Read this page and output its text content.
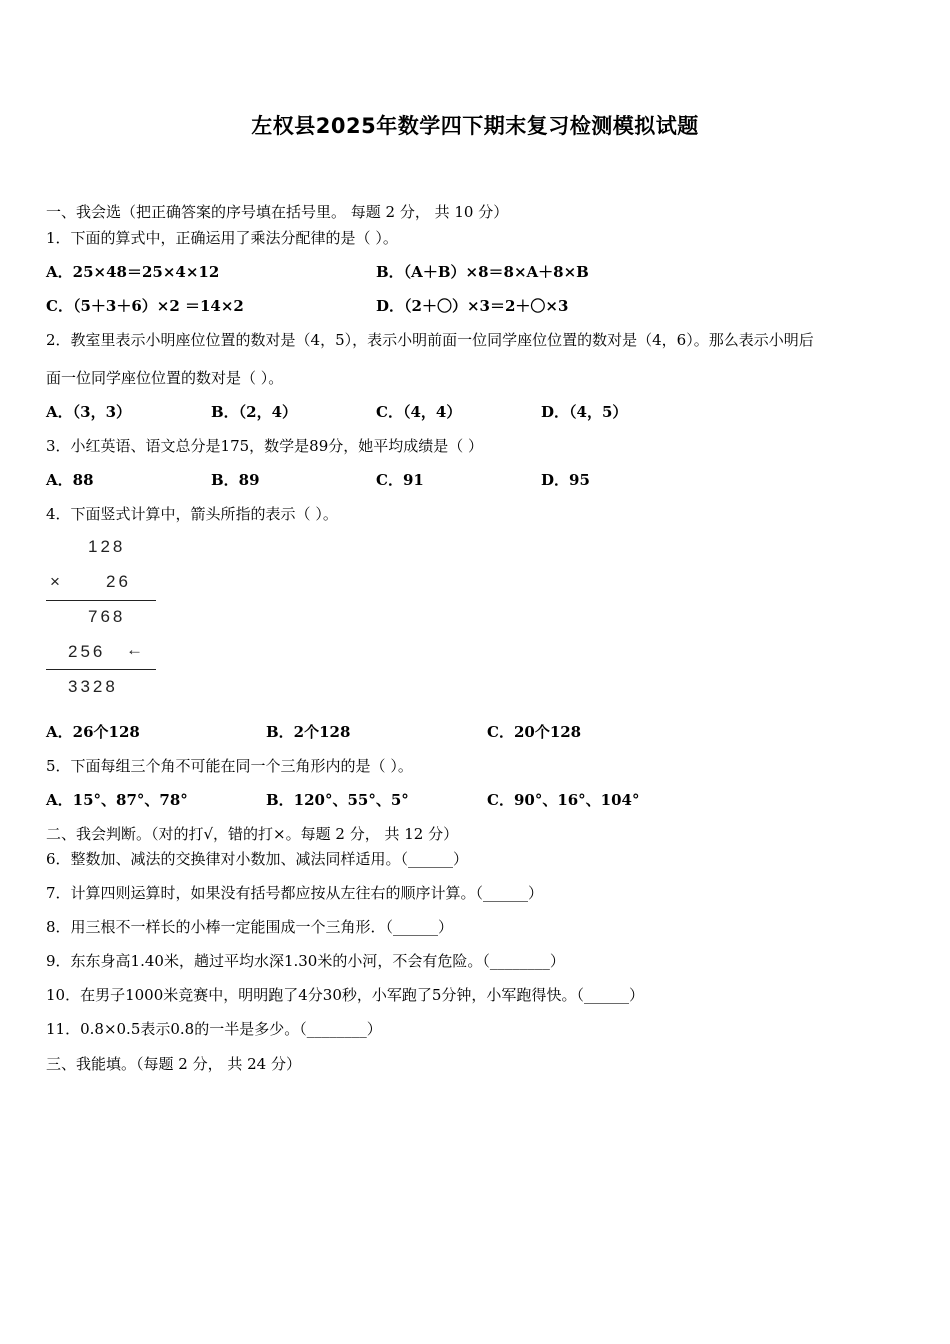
左权县2025年数学四下期末复习检测模拟试题
一、我会选（把正确答案的序号填在括号里。 每题 2 分， 共 10 分）
1．下面的算式中，正确运用了乘法分配律的是（ ）。
A．25×48＝25×4×12	B．（A＋B）×8＝8×A＋8×B
C．（5＋3＋6）×2 ＝14×2	D．（2＋〇）×3＝2＋〇×3
2．教室里表示小明座位位置的数对是（4，5），表示小明前面一位同学座位位置的数对是（4，6）。那么表示小明后
面一位同学座位位置的数对是（ ）。
A．（3，3）	B．（2，4）	C．（4，4）	D．（4，5）
3．小红英语、语文总分是175，数学是89分，她平均成绩是（ ）
A．88	B．89	C．91	D．95
4．下面竖式计算中，箭头所指的表示（ ）。
128
×	26
768
256 ←
3328
A．26个128	B．2个128	C．20个128
5．下面每组三个角不可能在同一个三角形内的是（ ）。
A．15°、87°、78°	B．120°、55°、5°	C．90°、16°、104°
二、我会判断。（对的打√，错的打×。每题 2 分， 共 12 分）
6．整数加、减法的交换律对小数加、减法同样适用。（______）
7．计算四则运算时，如果没有括号都应按从左往右的顺序计算。（______）
8．用三根不一样长的小棒一定能围成一个三角形．（______）
9．东东身高1.40米，趟过平均水深1.30米的小河，不会有危险。（________）
10．在男子1000米竞赛中，明明跑了4分30秒，小军跑了5分钟，小军跑得快。（______）
11．0.8×0.5表示0.8的一半是多少。（________）
三、我能填。（每题 2 分， 共 24 分）
